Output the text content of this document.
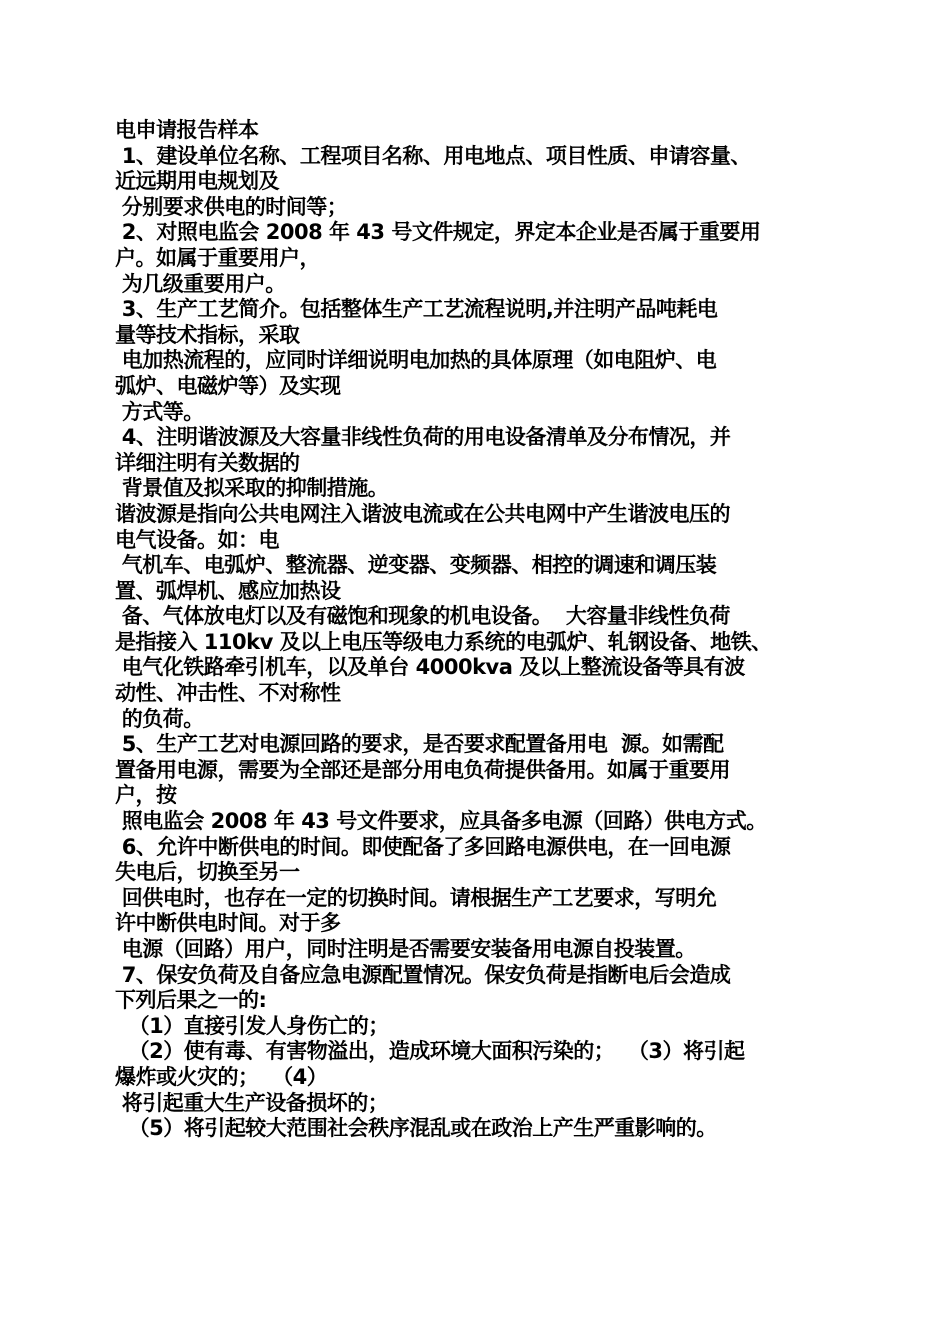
电申请报告样本
1、建设单位名称、工程项目名称、用电地点、项目性质、申请容量、
近远期用电规划及
分别要求供电的时间等；
2、对照电监会 2008 年 43 号文件规定，界定本企业是否属于重要用
户。如属于重要用户，
为几级重要用户。
3、生产工艺简介。包括整体生产工艺流程说明,并注明产品吨耗电
量等技术指标，采取
电加热流程的，应同时详细说明电加热的具体原理（如电阻炉、电
弧炉、电磁炉等）及实现
方式等。
4、注明谐波源及大容量非线性负荷的用电设备清单及分布情况，并
详细注明有关数据的
背景值及拟采取的抑制措施。
谐波源是指向公共电网注入谐波电流或在公共电网中产生谐波电压的
电气设备。如：电
气机车、电弧炉、整流器、逆变器、变频器、相控的调速和调压装
置、弧焊机、感应加热设
备、气体放电灯以及有磁饱和现象的机电设备。  大容量非线性负荷
是指接入 110kv 及以上电压等级电力系统的电弧炉、轧钢设备、地铁、
电气化铁路牵引机车，以及单台 4000kva 及以上整流设备等具有波
动性、冲击性、不对称性
的负荷。
5、生产工艺对电源回路的要求，是否要求配置备用电  源。如需配
置备用电源，需要为全部还是部分用电负荷提供备用。如属于重要用
户，按
照电监会 2008 年 43 号文件要求，应具备多电源（回路）供电方式。
6、允许中断供电的时间。即使配备了多回路电源供电，在一回电源
失电后，切换至另一
回供电时，也存在一定的切换时间。请根据生产工艺要求，写明允
许中断供电时间。对于多
电源（回路）用户，同时注明是否需要安装备用电源自投装置。
7、保安负荷及自备应急电源配置情况。保安负荷是指断电后会造成
下列后果之一的:
（1）直接引发人身伤亡的；
（2）使有毒、有害物溢出，造成环境大面积污染的；  （3）将引起
爆炸或火灾的；  （4）
将引起重大生产设备损坏的；
（5）将引起较大范围社会秩序混乱或在政治上产生严重影响的。
